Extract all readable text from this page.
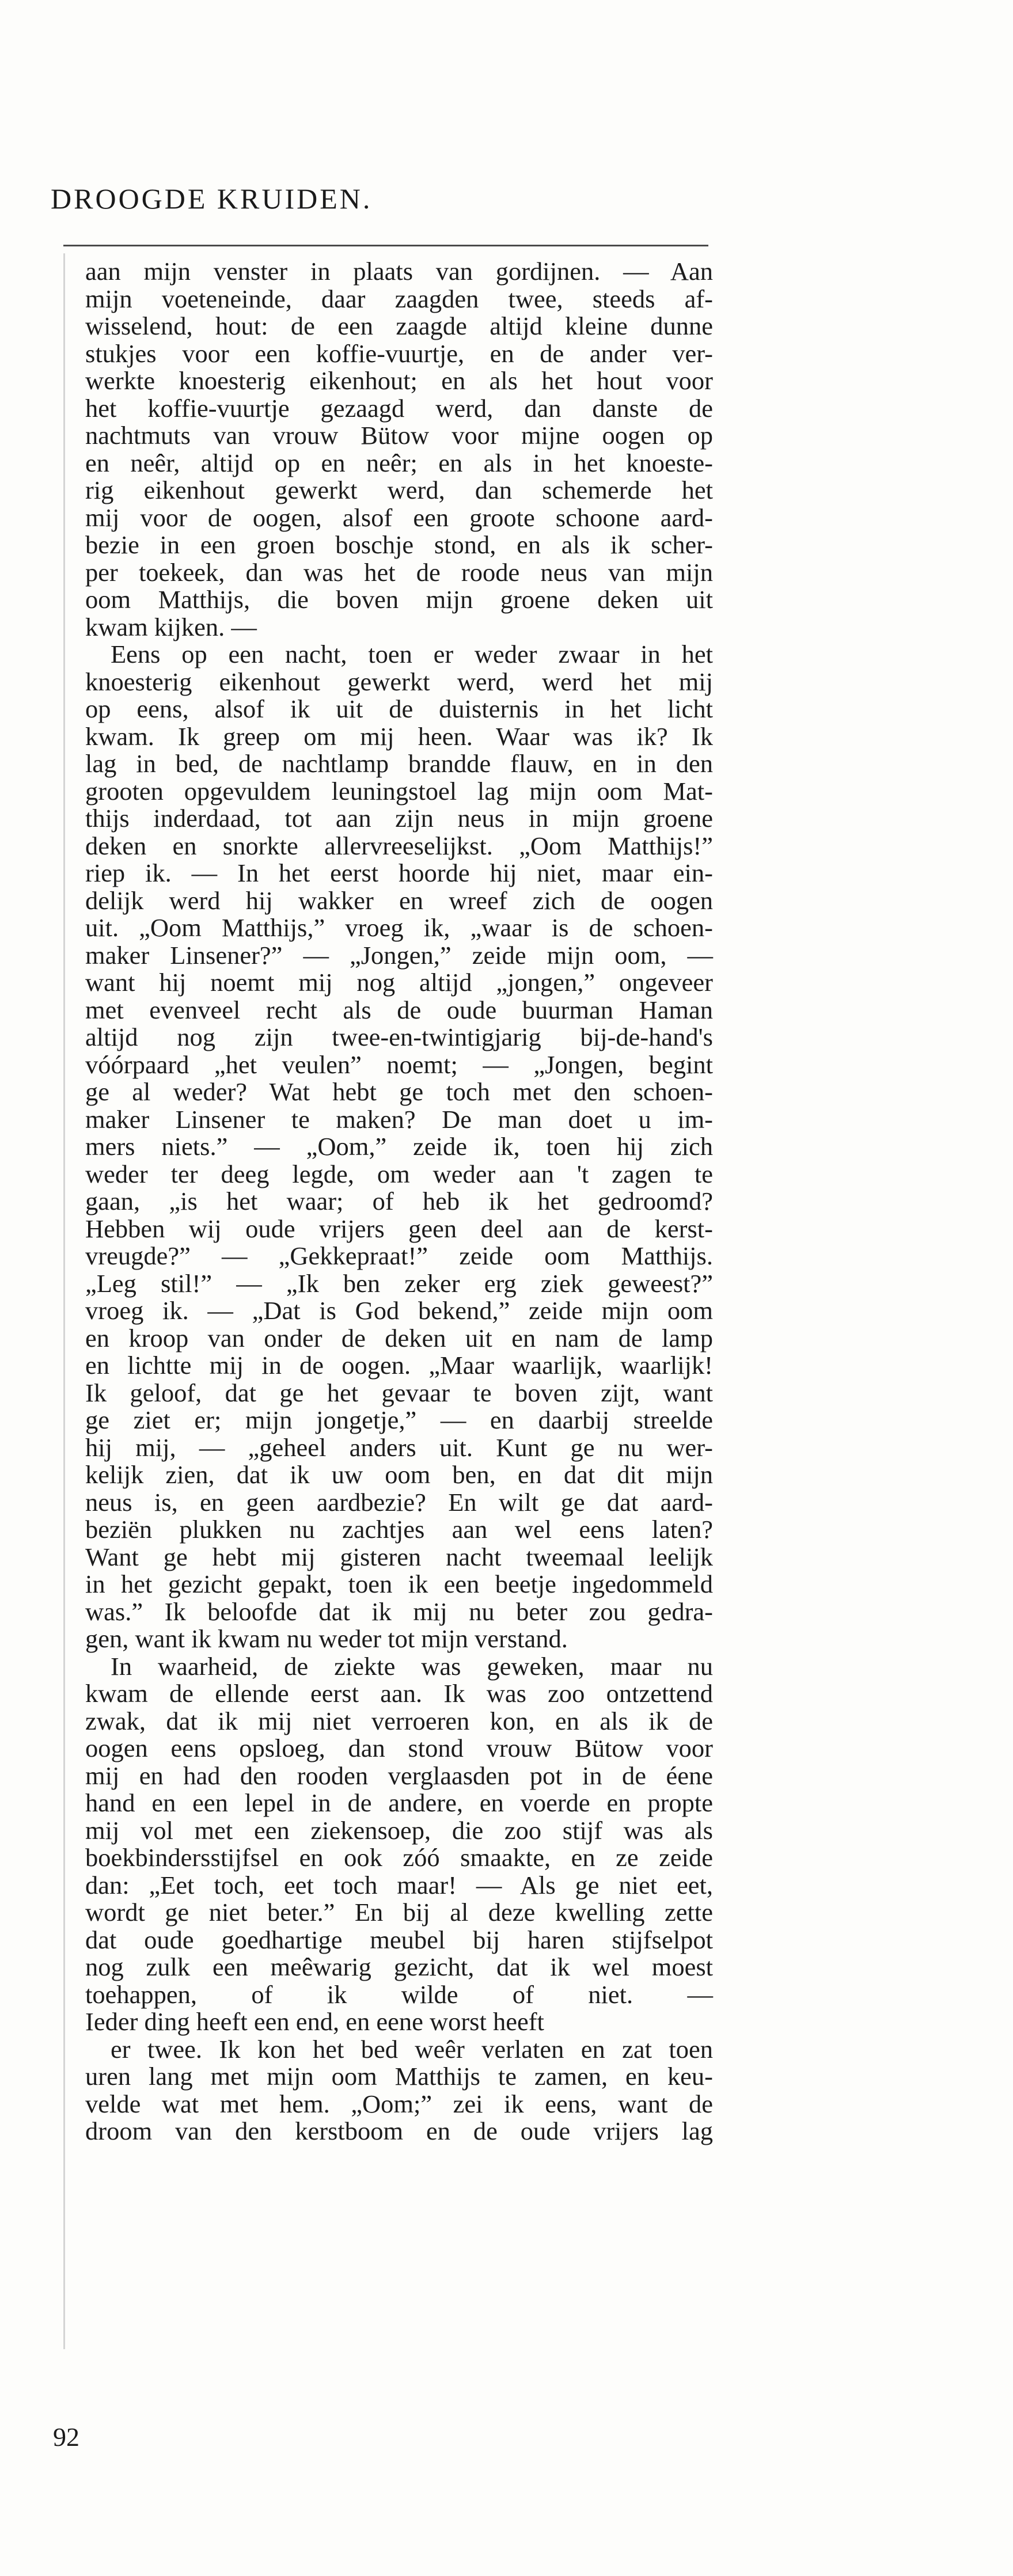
DROOGDE KRUIDEN.
aan mijn venster in plaats van gordijnen. — Aan
mijn voeteneinde, daar zaagden twee, steeds af-
wisselend, hout: de een zaagde altijd kleine dunne
stukjes voor een koffie-vuurtje, en de ander ver-
werkte knoesterig eikenhout; en als het hout voor
het koffie-vuurtje gezaagd werd, dan danste de
nachtmuts van vrouw Bütow voor mijne oogen op
en neêr, altijd op en neêr; en als in het knoeste-
rig eikenhout gewerkt werd, dan schemerde het
mij voor de oogen, alsof een groote schoone aard-
bezie in een groen boschje stond, en als ik scher-
per toekeek, dan was het de roode neus van mijn
oom Matthijs, die boven mijn groene deken uit
kwam kijken. —
Eens op een nacht, toen er weder zwaar in het
knoesterig eikenhout gewerkt werd, werd het mij
op eens, alsof ik uit de duisternis in het licht
kwam. Ik greep om mij heen. Waar was ik? Ik
lag in bed, de nachtlamp brandde flauw, en in den
grooten opgevuldem leuningstoel lag mijn oom Mat-
thijs inderdaad, tot aan zijn neus in mijn groene
deken en snorkte allervreeselijkst. „Oom Matthijs!”
riep ik. — In het eerst hoorde hij niet, maar ein-
delijk werd hij wakker en wreef zich de oogen
uit. „Oom Matthijs,” vroeg ik, „waar is de schoen-
maker Linsener?” — „Jongen,” zeide mijn oom, —
want hij noemt mij nog altijd „jongen,” ongeveer
met evenveel recht als de oude buurman Haman
altijd nog zijn twee-en-twintigjarig bij-de-hand's
vóórpaard „het veulen” noemt; — „Jongen, begint
ge al weder? Wat hebt ge toch met den schoen-
maker Linsener te maken? De man doet u im-
mers niets.” — „Oom,” zeide ik, toen hij zich
weder ter deeg legde, om weder aan 't zagen te
gaan, „is het waar; of heb ik het gedroomd?
Hebben wij oude vrijers geen deel aan de kerst-
vreugde?” — „Gekkepraat!” zeide oom Matthijs.
„Leg stil!” — „Ik ben zeker erg ziek geweest?”
vroeg ik. — „Dat is God bekend,” zeide mijn oom
en kroop van onder de deken uit en nam de lamp
en lichtte mij in de oogen. „Maar waarlijk, waarlijk!
Ik geloof, dat ge het gevaar te boven zijt, want
ge ziet er; mijn jongetje,” — en daarbij streelde
hij mij, — „geheel anders uit. Kunt ge nu wer-
kelijk zien, dat ik uw oom ben, en dat dit mijn
neus is, en geen aardbezie? En wilt ge dat aard-
beziën plukken nu zachtjes aan wel eens laten?
Want ge hebt mij gisteren nacht tweemaal leelijk
in het gezicht gepakt, toen ik een beetje ingedommeld
was.” Ik beloofde dat ik mij nu beter zou gedra-
gen, want ik kwam nu weder tot mijn verstand.
In waarheid, de ziekte was geweken, maar nu
kwam de ellende eerst aan. Ik was zoo ontzettend
zwak, dat ik mij niet verroeren kon, en als ik de
oogen eens opsloeg, dan stond vrouw Bütow voor
mij en had den rooden verglaasden pot in de éene
hand en een lepel in de andere, en voerde en propte
mij vol met een ziekensoep, die zoo stijf was als
boekbindersstijfsel en ook zóó smaakte, en ze zeide
dan: „Eet toch, eet toch maar! — Als ge niet eet,
wordt ge niet beter.” En bij al deze kwelling zette
dat oude goedhartige meubel bij haren stijfselpot
nog zulk een meêwarig gezicht, dat ik wel moest
toehappen, of ik wilde of niet. —
Ieder ding heeft een end, en eene worst heeft
er twee. Ik kon het bed weêr verlaten en zat toen
uren lang met mijn oom Matthijs te zamen, en keu-
velde wat met hem. „Oom;” zei ik eens, want de
droom van den kerstboom en de oude vrijers lag
92
